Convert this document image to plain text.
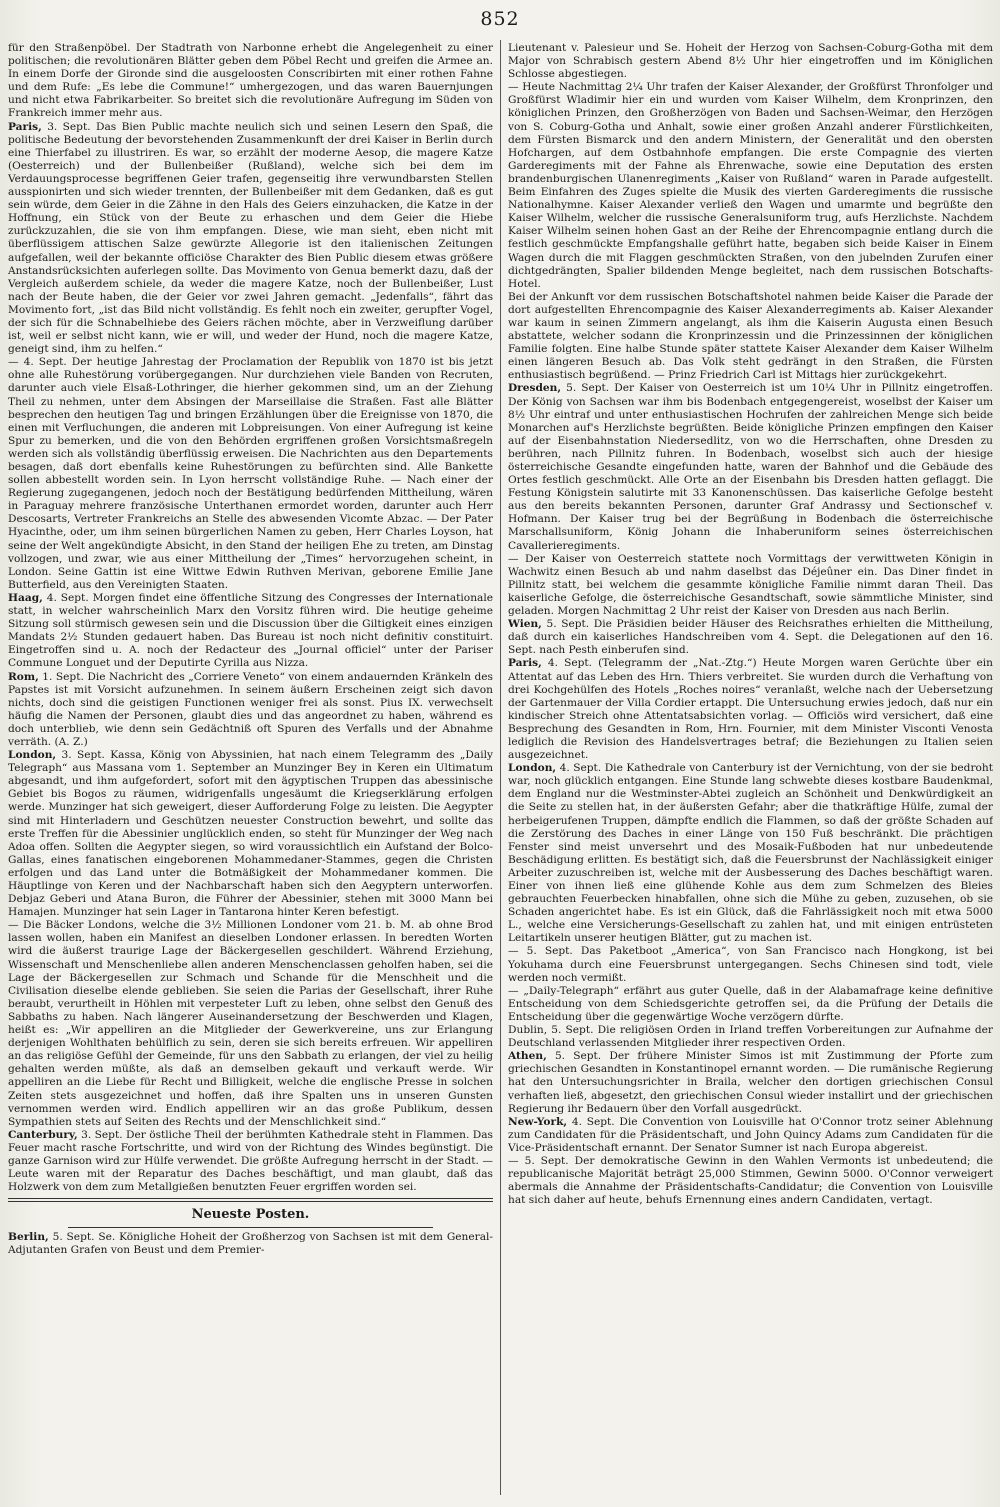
852

für den Straßenpöbel. Der Stadtrath von Narbonne erhebt die Angelegenheit zu einer politischen; die revolutionären Blätter geben dem Pöbel Recht und greifen die Armee an. In einem Dorfe der Gironde sind die ausgeloosten Conscribirten mit einer rothen Fahne und dem Rufe: „Es lebe die Commune!“ umhergezogen, und das waren Bauernjungen und nicht etwa Fabrikarbeiter. So breitet sich die revolutionäre Aufregung im Süden von Frankreich immer mehr aus.

Paris, 3. Sept. Das Bien Public machte neulich sich und seinen Lesern den Spaß, die politische Bedeutung der bevorstehenden Zusammenkunft der drei Kaiser in Berlin durch eine Thierfabel zu illustriren. Es war, so erzählt der moderne Aesop, die magere Katze (Oesterreich) und der Bullenbeißer (Rußland), welche sich bei dem im Verdauungsprocesse begriffenen Geier trafen, gegenseitig ihre verwundbarsten Stellen ausspionirten und sich wieder trennten, der Bullenbeißer mit dem Gedanken, daß es gut sein würde, dem Geier in die Zähne in den Hals des Geiers einzuhacken, die Katze in der Hoffnung, ein Stück von der Beute zu erhaschen und dem Geier die Hiebe zurückzuzahlen, die sie von ihm empfangen. Diese, wie man sieht, eben nicht mit überflüssigem attischen Salze gewürzte Allegorie ist den italienischen Zeitungen aufgefallen, weil der bekannte officiöse Charakter des Bien Public diesem etwas größere Anstandsrücksichten auferlegen sollte. Das Movimento von Genua bemerkt dazu, daß der Vergleich außerdem schiele, da weder die magere Katze, noch der Bullenbeißer, Lust nach der Beute haben, die der Geier vor zwei Jahren gemacht. „Jedenfalls“, fährt das Movimento fort, „ist das Bild nicht vollständig. Es fehlt noch ein zweiter, gerupfter Vogel, der sich für die Schnabelhiebe des Geiers rächen möchte, aber in Verzweiflung darüber ist, weil er selbst nicht kann, wie er will, und weder der Hund, noch die magere Katze, geneigt sind, ihm zu helfen.“

— 4. Sept. Der heutige Jahrestag der Proclamation der Republik von 1870 ist bis jetzt ohne alle Ruhestörung vorübergegangen. Nur durchziehen viele Banden von Recruten, darunter auch viele Elsaß-Lothringer, die hierher gekommen sind, um an der Ziehung Theil zu nehmen, unter dem Absingen der Marseillaise die Straßen. Fast alle Blätter besprechen den heutigen Tag und bringen Erzählungen über die Ereignisse von 1870, die einen mit Verfluchungen, die anderen mit Lobpreisungen. Von einer Aufregung ist keine Spur zu bemerken, und die von den Behörden ergriffenen großen Vorsichtsmaßregeln werden sich als vollständig überflüssig erweisen. Die Nachrichten aus den Departements besagen, daß dort ebenfalls keine Ruhestörungen zu befürchten sind. Alle Bankette sollen abbestellt worden sein. In Lyon herrscht vollständige Ruhe. — Nach einer der Regierung zugegangenen, jedoch noch der Bestätigung bedürfenden Mittheilung, wären in Paraguay mehrere französische Unterthanen ermordet worden, darunter auch Herr Descosarts, Vertreter Frankreichs an Stelle des abwesenden Vicomte Abzac. — Der Pater Hyacinthe, oder, um ihm seinen bürgerlichen Namen zu geben, Herr Charles Loyson, hat seine der Welt angekündigte Absicht, in den Stand der heiligen Ehe zu treten, am Dinstag vollzogen, und zwar, wie aus einer Mittheilung der „Times“ hervorzugehen scheint, in London. Seine Gattin ist eine Wittwe Edwin Ruthven Merivan, geborene Emilie Jane Butterfield, aus den Vereinigten Staaten.

Haag, 4. Sept. Morgen findet eine öffentliche Sitzung des Congresses der Internationale statt, in welcher wahrscheinlich Marx den Vorsitz führen wird. Die heutige geheime Sitzung soll stürmisch gewesen sein und die Discussion über die Giltigkeit eines einzigen Mandats 2½ Stunden gedauert haben. Das Bureau ist noch nicht definitiv constituirt. Eingetroffen sind u. A. noch der Redacteur des „Journal officiel“ unter der Pariser Commune Longuet und der Deputirte Cyrilla aus Nizza.

Rom, 1. Sept. Die Nachricht des „Corriere Veneto“ von einem andauernden Kränkeln des Papstes ist mit Vorsicht aufzunehmen. In seinem äußern Erscheinen zeigt sich davon nichts, doch sind die geistigen Functionen weniger frei als sonst. Pius IX. verwechselt häufig die Namen der Personen, glaubt dies und das angeordnet zu haben, während es doch unterblieb, wie denn sein Gedächtniß oft Spuren des Verfalls und der Abnahme verräth. (A. Z.)

London, 3. Sept. Kassa, König von Abyssinien, hat nach einem Telegramm des „Daily Telegraph“ aus Massana vom 1. September an Munzinger Bey in Keren ein Ultimatum abgesandt, und ihm aufgefordert, sofort mit den ägyptischen Truppen das abessinische Gebiet bis Bogos zu räumen, widrigenfalls ungesäumt die Kriegserklärung erfolgen werde. Munzinger hat sich geweigert, dieser Aufforderung Folge zu leisten. Die Aegypter sind mit Hinterladern und Geschützen neuester Construction bewehrt, und sollte das erste Treffen für die Abessinier unglücklich enden, so steht für Munzinger der Weg nach Adoa offen. Sollten die Aegypter siegen, so wird voraussichtlich ein Aufstand der Bolco-Gallas, eines fanatischen eingeborenen Mohammedaner-Stammes, gegen die Christen erfolgen und das Land unter die Botmäßigkeit der Mohammedaner kommen. Die Häuptlinge von Keren und der Nachbarschaft haben sich den Aegyptern unterworfen. Debjaz Geberi und Atana Buron, die Führer der Abessinier, stehen mit 3000 Mann bei Hamajen. Munzinger hat sein Lager in Tantarona hinter Keren befestigt.

— Die Bäcker Londons, welche die 3½ Millionen Londoner vom 21. b. M. ab ohne Brod lassen wollen, haben ein Manifest an dieselben Londoner erlassen. In beredten Worten wird die äußerst traurige Lage der Bäckergesellen geschildert. Während Erziehung, Wissenschaft und Menschenliebe allen anderen Menschenclassen geholfen haben, sei die Lage der Bäckergesellen zur Schmach und Schande für die Menschheit und die Civilisation dieselbe elende geblieben. Sie seien die Parias der Gesellschaft, ihrer Ruhe beraubt, verurtheilt in Höhlen mit verpesteter Luft zu leben, ohne selbst den Genuß des Sabbaths zu haben. Nach längerer Auseinandersetzung der Beschwerden und Klagen, heißt es: „Wir appelliren an die Mitglieder der Gewerkvereine, uns zur Erlangung derjenigen Wohlthaten behülflich zu sein, deren sie sich bereits erfreuen. Wir appelliren an das religiöse Gefühl der Gemeinde, für uns den Sabbath zu erlangen, der viel zu heilig gehalten werden müßte, als daß an demselben gekauft und verkauft werde. Wir appelliren an die Liebe für Recht und Billigkeit, welche die englische Presse in solchen Zeiten stets ausgezeichnet und hoffen, daß ihre Spalten uns in unseren Gunsten vernommen werden wird. Endlich appelliren wir an das große Publikum, dessen Sympathien stets auf Seiten des Rechts und der Menschlichkeit sind.“

Canterbury, 3. Sept. Der östliche Theil der berühmten Kathedrale steht in Flammen. Das Feuer macht rasche Fortschritte, und wird von der Richtung des Windes begünstigt. Die ganze Garnison wird zur Hülfe verwendet. Die größte Aufregung herrscht in der Stadt. — Leute waren mit der Reparatur des Daches beschäftigt, und man glaubt, daß das Holzwerk von dem zum Metallgießen benutzten Feuer ergriffen worden sei.

Neueste Posten.

Berlin, 5. Sept. Se. Königliche Hoheit der Großherzog von Sachsen ist mit dem General-Adjutanten Grafen von Beust und dem Premier-

Lieutenant v. Palesieur und Se. Hoheit der Herzog von Sachsen-Coburg-Gotha mit dem Major von Schrabisch gestern Abend 8½ Uhr hier eingetroffen und im Königlichen Schlosse abgestiegen.

— Heute Nachmittag 2¼ Uhr trafen der Kaiser Alexander, der Großfürst Thronfolger und Großfürst Wladimir hier ein und wurden vom Kaiser Wilhelm, dem Kronprinzen, den königlichen Prinzen, den Großherzögen von Baden und Sachsen-Weimar, den Herzögen von S. Coburg-Gotha und Anhalt, sowie einer großen Anzahl anderer Fürstlichkeiten, dem Fürsten Bismarck und den andern Ministern, der Generalität und den obersten Hofchargen, auf dem Ostbahnhofe empfangen. Die erste Compagnie des vierten Garderegiments mit der Fahne als Ehrenwache, sowie eine Deputation des ersten brandenburgischen Ulanenregiments „Kaiser von Rußland“ waren in Parade aufgestellt. Beim Einfahren des Zuges spielte die Musik des vierten Garderegiments die russische Nationalhymne. Kaiser Alexander verließ den Wagen und umarmte und begrüßte den Kaiser Wilhelm, welcher die russische Generalsuniform trug, aufs Herzlichste. Nachdem Kaiser Wilhelm seinen hohen Gast an der Reihe der Ehrencompagnie entlang durch die festlich geschmückte Empfangshalle geführt hatte, begaben sich beide Kaiser in Einem Wagen durch die mit Flaggen geschmückten Straßen, von den jubelnden Zurufen einer dichtgedrängten, Spalier bildenden Menge begleitet, nach dem russischen Botschafts-Hotel.

Bei der Ankunft vor dem russischen Botschaftshotel nahmen beide Kaiser die Parade der dort aufgestellten Ehrencompagnie des Kaiser Alexanderregiments ab. Kaiser Alexander war kaum in seinen Zimmern angelangt, als ihm die Kaiserin Augusta einen Besuch abstattete, welcher sodann die Kronprinzessin und die Prinzessinnen der königlichen Familie folgten. Eine halbe Stunde später stattete Kaiser Alexander dem Kaiser Wilhelm einen längeren Besuch ab. Das Volk steht gedrängt in den Straßen, die Fürsten enthusiastisch begrüßend. — Prinz Friedrich Carl ist Mittags hier zurückgekehrt.

Dresden, 5. Sept. Der Kaiser von Oesterreich ist um 10¼ Uhr in Pillnitz eingetroffen. Der König von Sachsen war ihm bis Bodenbach entgegengereist, woselbst der Kaiser um 8½ Uhr eintraf und unter enthusiastischen Hochrufen der zahlreichen Menge sich beide Monarchen auf's Herzlichste begrüßten. Beide königliche Prinzen empfingen den Kaiser auf der Eisenbahnstation Niedersedlitz, von wo die Herrschaften, ohne Dresden zu berühren, nach Pillnitz fuhren. In Bodenbach, woselbst sich auch der hiesige österreichische Gesandte eingefunden hatte, waren der Bahnhof und die Gebäude des Ortes festlich geschmückt. Alle Orte an der Eisenbahn bis Dresden hatten geflaggt. Die Festung Königstein salutirte mit 33 Kanonenschüssen. Das kaiserliche Gefolge besteht aus den bereits bekannten Personen, darunter Graf Andrassy und Sectionschef v. Hofmann. Der Kaiser trug bei der Begrüßung in Bodenbach die österreichische Marschallsuniform, König Johann die Inhaberuniform seines österreichischen Cavallerieregiments.

— Der Kaiser von Oesterreich stattete noch Vormittags der verwittweten Königin in Wachwitz einen Besuch ab und nahm daselbst das Déjeûner ein. Das Diner findet in Pillnitz statt, bei welchem die gesammte königliche Familie nimmt daran Theil. Das kaiserliche Gefolge, die österreichische Gesandtschaft, sowie sämmtliche Minister, sind geladen. Morgen Nachmittag 2 Uhr reist der Kaiser von Dresden aus nach Berlin.

Wien, 5. Sept. Die Präsidien beider Häuser des Reichsrathes erhielten die Mittheilung, daß durch ein kaiserliches Handschreiben vom 4. Sept. die Delegationen auf den 16. Sept. nach Pesth einberufen sind.

Paris, 4. Sept. (Telegramm der „Nat.-Ztg.“) Heute Morgen waren Gerüchte über ein Attentat auf das Leben des Hrn. Thiers verbreitet. Sie wurden durch die Verhaftung von drei Kochgehülfen des Hotels „Roches noires“ veranlaßt, welche nach der Uebersetzung der Gartenmauer der Villa Cordier ertappt. Die Untersuchung erwies jedoch, daß nur ein kindischer Streich ohne Attentatsabsichten vorlag. — Officiös wird versichert, daß eine Besprechung des Gesandten in Rom, Hrn. Fournier, mit dem Minister Visconti Venosta lediglich die Revision des Handelsvertrages betraf; die Beziehungen zu Italien seien ausgezeichnet.

London, 4. Sept. Die Kathedrale von Canterbury ist der Vernichtung, von der sie bedroht war, noch glücklich entgangen. Eine Stunde lang schwebte dieses kostbare Baudenkmal, dem England nur die Westminster-Abtei zugleich an Schönheit und Denkwürdigkeit an die Seite zu stellen hat, in der äußersten Gefahr; aber die thatkräftige Hülfe, zumal der herbeigerufenen Truppen, dämpfte endlich die Flammen, so daß der größte Schaden auf die Zerstörung des Daches in einer Länge von 150 Fuß beschränkt. Die prächtigen Fenster sind meist unversehrt und des Mosaik-Fußboden hat nur unbedeutende Beschädigung erlitten. Es bestätigt sich, daß die Feuersbrunst der Nachlässigkeit einiger Arbeiter zuzuschreiben ist, welche mit der Ausbesserung des Daches beschäftigt waren. Einer von ihnen ließ eine glühende Kohle aus dem zum Schmelzen des Bleies gebrauchten Feuerbecken hinabfallen, ohne sich die Mühe zu geben, zuzusehen, ob sie Schaden angerichtet habe. Es ist ein Glück, daß die Fahrlässigkeit noch mit etwa 5000 L., welche eine Versicherungs-Gesellschaft zu zahlen hat, und mit einigen entrüsteten Leitartikeln unserer heutigen Blätter, gut zu machen ist.

— 5. Sept. Das Paketboot „America“, von San Francisco nach Hongkong, ist bei Yokuhama durch eine Feuersbrunst untergegangen. Sechs Chinesen sind todt, viele werden noch vermißt.

— „Daily-Telegraph“ erfährt aus guter Quelle, daß in der Alabamafrage keine definitive Entscheidung von dem Schiedsgerichte getroffen sei, da die Prüfung der Details die Entscheidung über die gegenwärtige Woche verzögern dürfte.

Dublin, 5. Sept. Die religiösen Orden in Irland treffen Vorbereitungen zur Aufnahme der Deutschland verlassenden Mitglieder ihrer respectiven Orden.

Athen, 5. Sept. Der frühere Minister Simos ist mit Zustimmung der Pforte zum griechischen Gesandten in Konstantinopel ernannt worden. — Die rumänische Regierung hat den Untersuchungsrichter in Braila, welcher den dortigen griechischen Consul verhaften ließ, abgesetzt, den griechischen Consul wieder installirt und der griechischen Regierung ihr Bedauern über den Vorfall ausgedrückt.

New-York, 4. Sept. Die Convention von Louisville hat O'Connor trotz seiner Ablehnung zum Candidaten für die Präsidentschaft, und John Quincy Adams zum Candidaten für die Vice-Präsidentschaft ernannt. Der Senator Sumner ist nach Europa abgereist.

— 5. Sept. Der demokratische Gewinn in den Wahlen Vermonts ist unbedeutend; die republicanische Majorität beträgt 25,000 Stimmen, Gewinn 5000. O'Connor verweigert abermals die Annahme der Präsidentschafts-Candidatur; die Convention von Louisville hat sich daher auf heute, behufs Ernennung eines andern Candidaten, vertagt.
